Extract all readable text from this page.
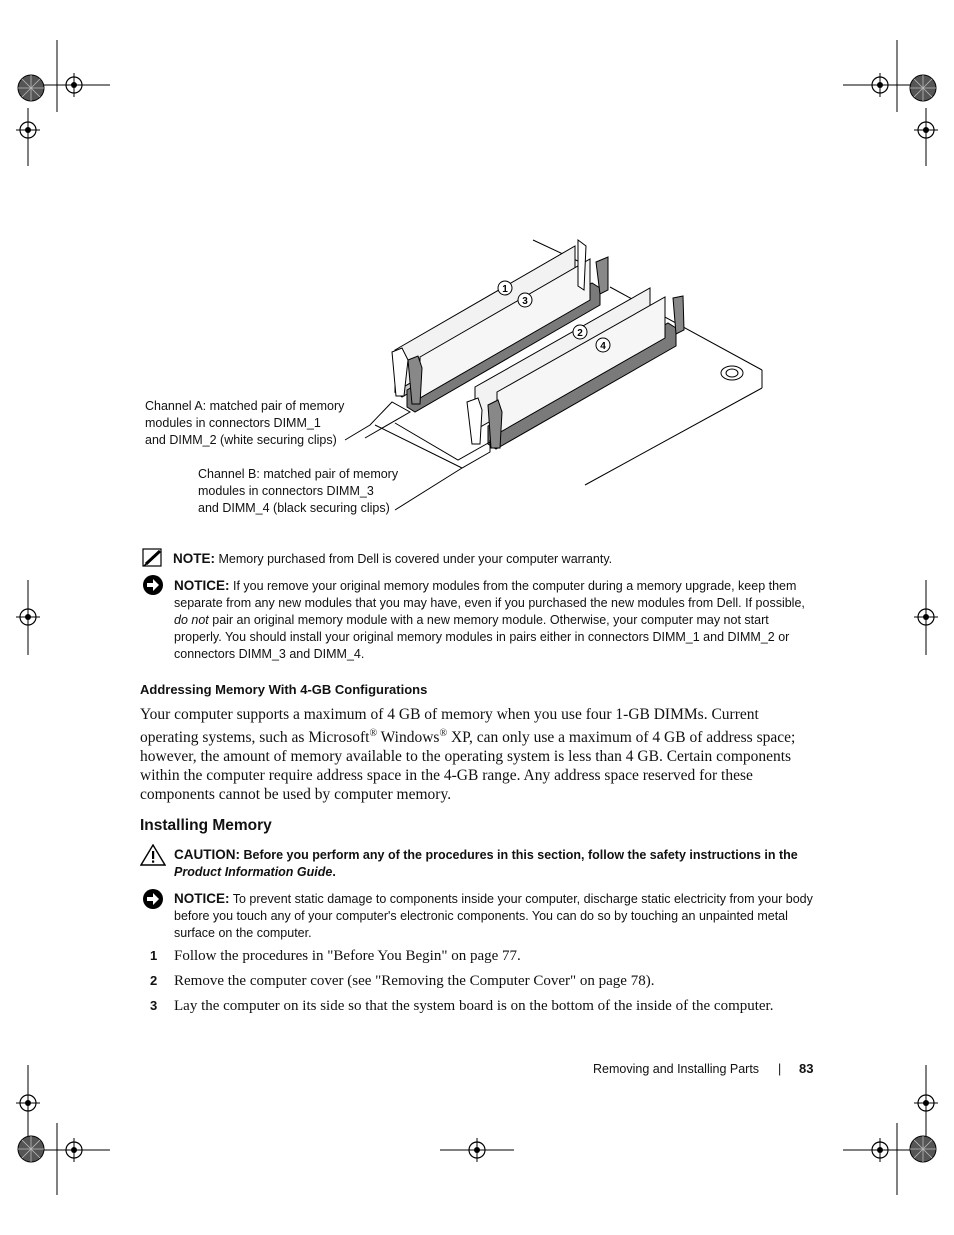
1
3
2
4
Channel A: matched pair of memory
modules in connectors DIMM_1
and DIMM_2 (white securing clips)
Channel B: matched pair of memory
modules in connectors DIMM_3
and DIMM_4 (black securing clips)
NOTE: Memory purchased from Dell is covered under your computer warranty.
NOTICE: If you remove your original memory modules from the computer during a memory upgrade, keep them separate from any new modules that you may have, even if you purchased the new modules from Dell. If possible, do not pair an original memory module with a new memory module. Otherwise, your computer may not start properly. You should install your original memory modules in pairs either in connectors DIMM_1 and DIMM_2 or connectors DIMM_3 and DIMM_4.
Addressing Memory With 4-GB Configurations
Your computer supports a maximum of 4 GB of memory when you use four 1-GB DIMMs. Current operating systems, such as Microsoft® Windows® XP, can only use a maximum of 4 GB of address space; however, the amount of memory available to the operating system is less than 4 GB. Certain components within the computer require address space in the 4-GB range. Any address space reserved for these components cannot be used by computer memory.
Installing Memory
CAUTION: Before you perform any of the procedures in this section, follow the safety instructions in the Product Information Guide.
NOTICE: To prevent static damage to components inside your computer, discharge static electricity from your body before you touch any of your computer's electronic components. You can do so by touching an unpainted metal surface on the computer.
1	Follow the procedures in "Before You Begin" on page 77.
2	Remove the computer cover (see "Removing the Computer Cover" on page 78).
3	Lay the computer on its side so that the system board is on the bottom of the inside of the computer.
Removing and Installing Parts | 83
